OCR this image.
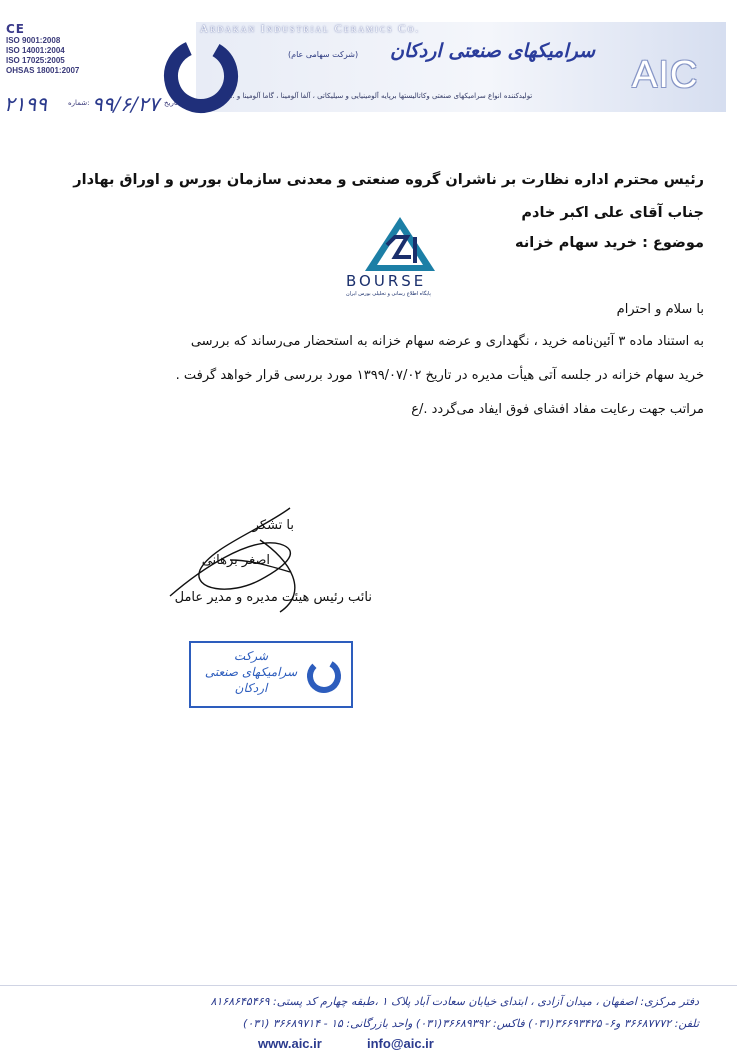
CE
ISO 9001:2008
ISO 14001:2004
ISO 17025:2005
OHSAS 18001:2007
۲۱۹۹	شماره: ۹۹/۶/۲۷ تاریخ:
Ardakan Industrial Ceramics Co.
(شرکت سهامی عام) سرامیکهای صنعتی اردکان
تولیدکننده انواع سرامیکهای صنعتی وکاتالیستها برپایه آلومینیایی و سیلیکاتی ، آلفا آلومینا ، گاما آلومینا و ...	AIC
رئیس محترم اداره نظارت بر ناشران گروه صنعتی و معدنی سازمان بورس و اوراق بهادار
جناب آقای علی اکبر خادم
موضوع : خرید سهام خزانه
BOURSE
پایگاه اطلاع رسانی و تحلیلی بورس ایران
با سلام و احترام
به استناد ماده ۳ آئین‌نامه خرید ، نگهداری و عرضه سهام خزانه به استحضار می‌رساند که بررسی
خرید سهام خزانه در جلسه آتی هیأت مدیره در تاریخ ۱۳۹۹/۰۷/۰۲ مورد بررسی قرار خواهد گرفت .
مراتب جهت رعایت مفاد افشای فوق ایفاد می‌گردد ./ع
با تشکر
اصغر برهانی
نائب رئیس هیئت مدیره و مدیر عامل
شرکت
سرامیکهای صنعتی
اردکان
دفتر مرکزی: اصفهان ، میدان آزادی ، ابتدای خیابان سعادت آباد پلاک ۱ ،طبقه چهارم کد پستی: ۸۱۶۸۶۴۵۴۶۹
تلفن: ۳۶۶۸۷۷۷۲ و۶- ۳۶۶۹۳۴۲۵(۰۳۱) فاکس: ۳۶۶۸۹۳۹۲(۰۳۱) واحد بازرگانی: ۱۵ - ۳۶۶۸۹۷۱۴ (۰۳۱)
www.aic.ir	info@aic.ir
